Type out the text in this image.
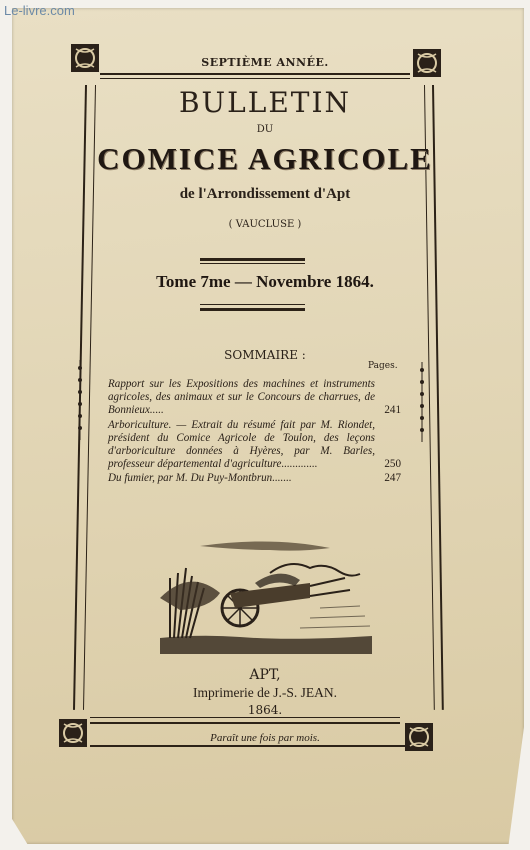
Le-livre.com
SEPTIÈME ANNÉE.
BULLETIN
DU
COMICE AGRICOLE
de l'Arrondissement d'Apt
( VAUCLUSE )
Tome 7me — Novembre 1864.
SOMMAIRE :
Pages.
Rapport sur les Expositions des machines et instruments agricoles, des animaux et sur le Concours de charrues, de Bonnieux.....	241
Arboriculture. — Extrait du résumé fait par M. Riondet, président du Comice Agricole de Toulon, des leçons d'arboriculture données à Hyères, par M. Barles, professeur départemental d'agriculture.............	250
Du fumier, par M. Du Puy-Montbrun.......	247
APT,
Imprimerie de J.-S. JEAN.
1864.
Paraît une fois par mois.
